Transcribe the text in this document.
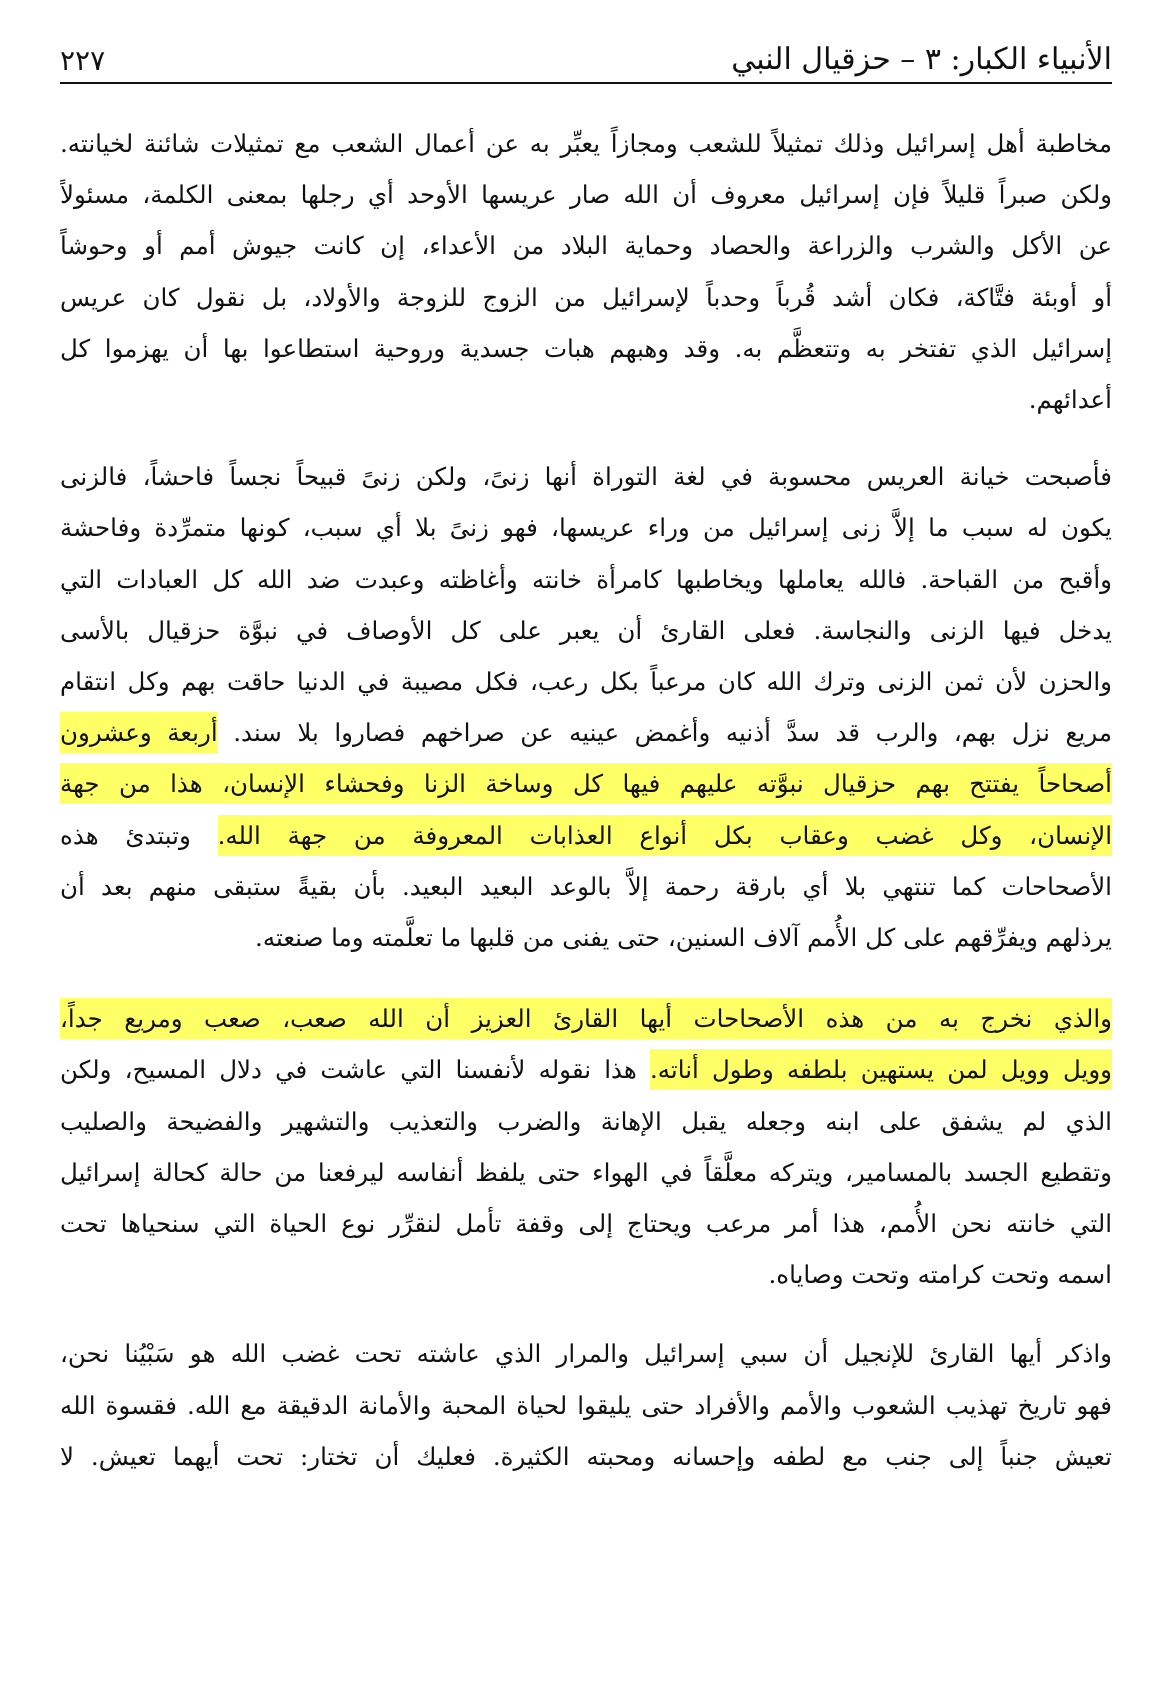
الأنبياء الكبار: ٣ – حزقيال النبي
٢٢٧
مخاطبة أهل إسرائيل وذلك تمثيلاً للشعب ومجازاً يعبِّر به عن أعمال الشعب مع تمثيلات شائنة لخيانته.
ولكن صبراً قليلاً فإن إسرائيل معروف أن الله صار عريسها الأوحد أي رجلها بمعنى الكلمة، مسئولاً
عن الأكل والشرب والزراعة والحصاد وحماية البلاد من الأعداء، إن كانت جيوش أمم أو وحوشاً
أو أوبئة فتَّاكة، فكان أشد قُرباً وحدباً لإسرائيل من الزوج للزوجة والأولاد، بل نقول كان عريس
إسرائيل الذي تفتخر به وتتعظَّم به. وقد وهبهم هبات جسدية وروحية استطاعوا بها أن يهزموا كل
أعدائهم.
فأصبحت خيانة العريس محسوبة في لغة التوراة أنها زنىً، ولكن زنىً قبيحاً نجساً فاحشاً، فالزنى
يكون له سبب ما إلاَّ زنى إسرائيل من وراء عريسها، فهو زنىً بلا أي سبب، كونها متمرِّدة وفاحشة
وأقبح من القباحة. فالله يعاملها ويخاطبها كامرأة خانته وأغاظته وعبدت ضد الله كل العبادات التي
يدخل فيها الزنى والنجاسة. فعلى القارئ أن يعبر على كل الأوصاف في نبوَّة حزقيال بالأسى
والحزن لأن ثمن الزنى وترك الله كان مرعباً بكل رعب، فكل مصيبة في الدنيا حاقت بهم وكل انتقام
مريع نزل بهم، والرب قد سدَّ أذنيه وأغمض عينيه عن صراخهم فصاروا بلا سند. أربعة وعشرون
أصحاحاً يفتتح بهم حزقيال نبوَّته عليهم فيها كل وساخة الزنا وفحشاء الإنسان، هذا من جهة
الإنسان، وكل غضب وعقاب بكل أنواع العذابات المعروفة من جهة الله. وتبتدئ هذه
الأصحاحات كما تنتهي بلا أي بارقة رحمة إلاَّ بالوعد البعيد البعيد. بأن بقيةً ستبقى منهم بعد أن
يرذلهم ويفرِّقهم على كل الأُمم آلاف السنين، حتى يفنى من قلبها ما تعلَّمته وما صنعته.
والذي نخرج به من هذه الأصحاحات أيها القارئ العزيز أن الله صعب، صعب ومريع جداً،
وويل وويل لمن يستهين بلطفه وطول أناته. هذا نقوله لأنفسنا التي عاشت في دلال المسيح، ولكن
الذي لم يشفق على ابنه وجعله يقبل الإهانة والضرب والتعذيب والتشهير والفضيحة والصليب
وتقطيع الجسد بالمسامير، ويتركه معلَّقاً في الهواء حتى يلفظ أنفاسه ليرفعنا من حالة كحالة إسرائيل
التي خانته نحن الأُمم، هذا أمر مرعب ويحتاج إلى وقفة تأمل لنقرِّر نوع الحياة التي سنحياها تحت
اسمه وتحت كرامته وتحت وصاياه.
واذكر أيها القارئ للإنجيل أن سبي إسرائيل والمرار الذي عاشته تحت غضب الله هو سَبْيُنا نحن،
فهو تاريخ تهذيب الشعوب والأمم والأفراد حتى يليقوا لحياة المحبة والأمانة الدقيقة مع الله. فقسوة الله
تعيش جنباً إلى جنب مع لطفه وإحسانه ومحبته الكثيرة. فعليك أن تختار: تحت أيهما تعيش. لا
